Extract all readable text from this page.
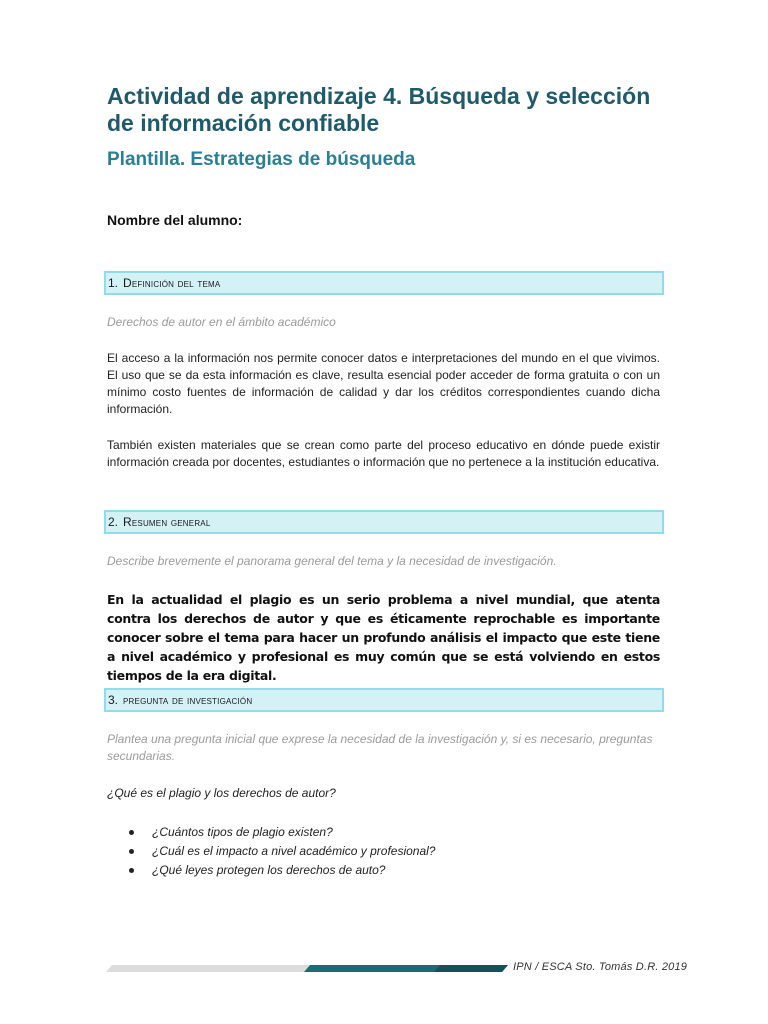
Actividad de aprendizaje 4. Búsqueda y selección de información confiable
Plantilla. Estrategias de búsqueda
Nombre del alumno:
1. Definición del tema
Derechos de autor en el ámbito académico
El acceso a la información nos permite conocer datos e interpretaciones del mundo en el que vivimos. El uso que se da esta información es clave, resulta esencial poder acceder de forma gratuita o con un mínimo costo fuentes de información de calidad y dar los créditos correspondientes cuando dicha información.
También existen materiales que se crean como parte del proceso educativo en dónde puede existir información creada por docentes, estudiantes o información que no pertenece a la institución educativa.
2. Resumen general
Describe brevemente el panorama general del tema y la necesidad de investigación.
En la actualidad el plagio es un serio problema a nivel mundial, que atenta contra los derechos de autor y que es éticamente reprochable es importante conocer sobre el tema para hacer un profundo análisis el impacto que este tiene a nivel académico y profesional es muy común que se está volviendo en estos tiempos de la era digital.
3. pregunta de investigación
Plantea una pregunta inicial que exprese la necesidad de la investigación y, si es necesario, preguntas secundarias.
¿Qué es el plagio y los derechos de autor?
¿Cuántos tipos de plagio existen?
¿Cuál es el impacto a nivel académico y profesional?
¿Qué leyes protegen los derechos de auto?
IPN / ESCA Sto. Tomás D.R. 2019
